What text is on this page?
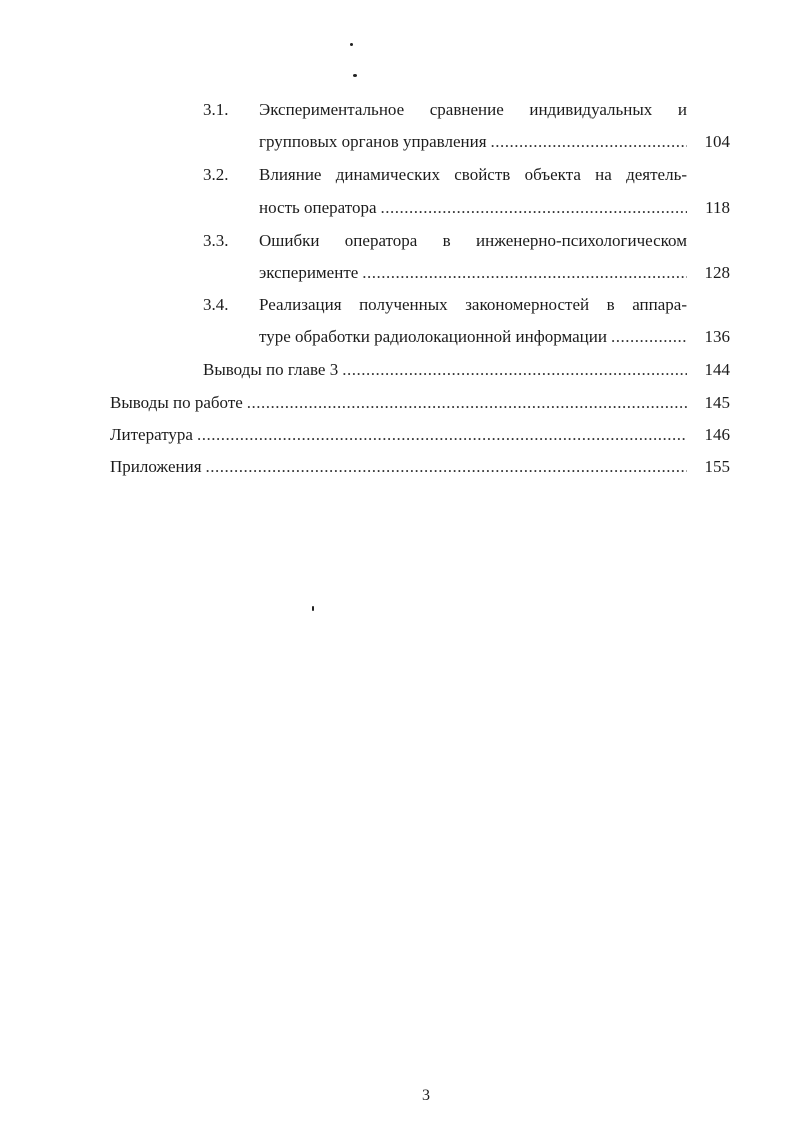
3.1.	Экспериментальное сравнение индивидуальных и
групповых органов управления .....	104
3.2.	Влияние динамических свойств объекта на деятель-
ность оператора .....	118
3.3.	Ошибки оператора в инженерно-психологическом
эксперименте .....	128
3.4.	Реализация полученных закономерностей в аппара-
туре обработки радиолокационной информации .....	136
Выводы по главе 3 .....	144
Выводы по работе .....	145
Литература .....	146
Приложения .....	155
3
